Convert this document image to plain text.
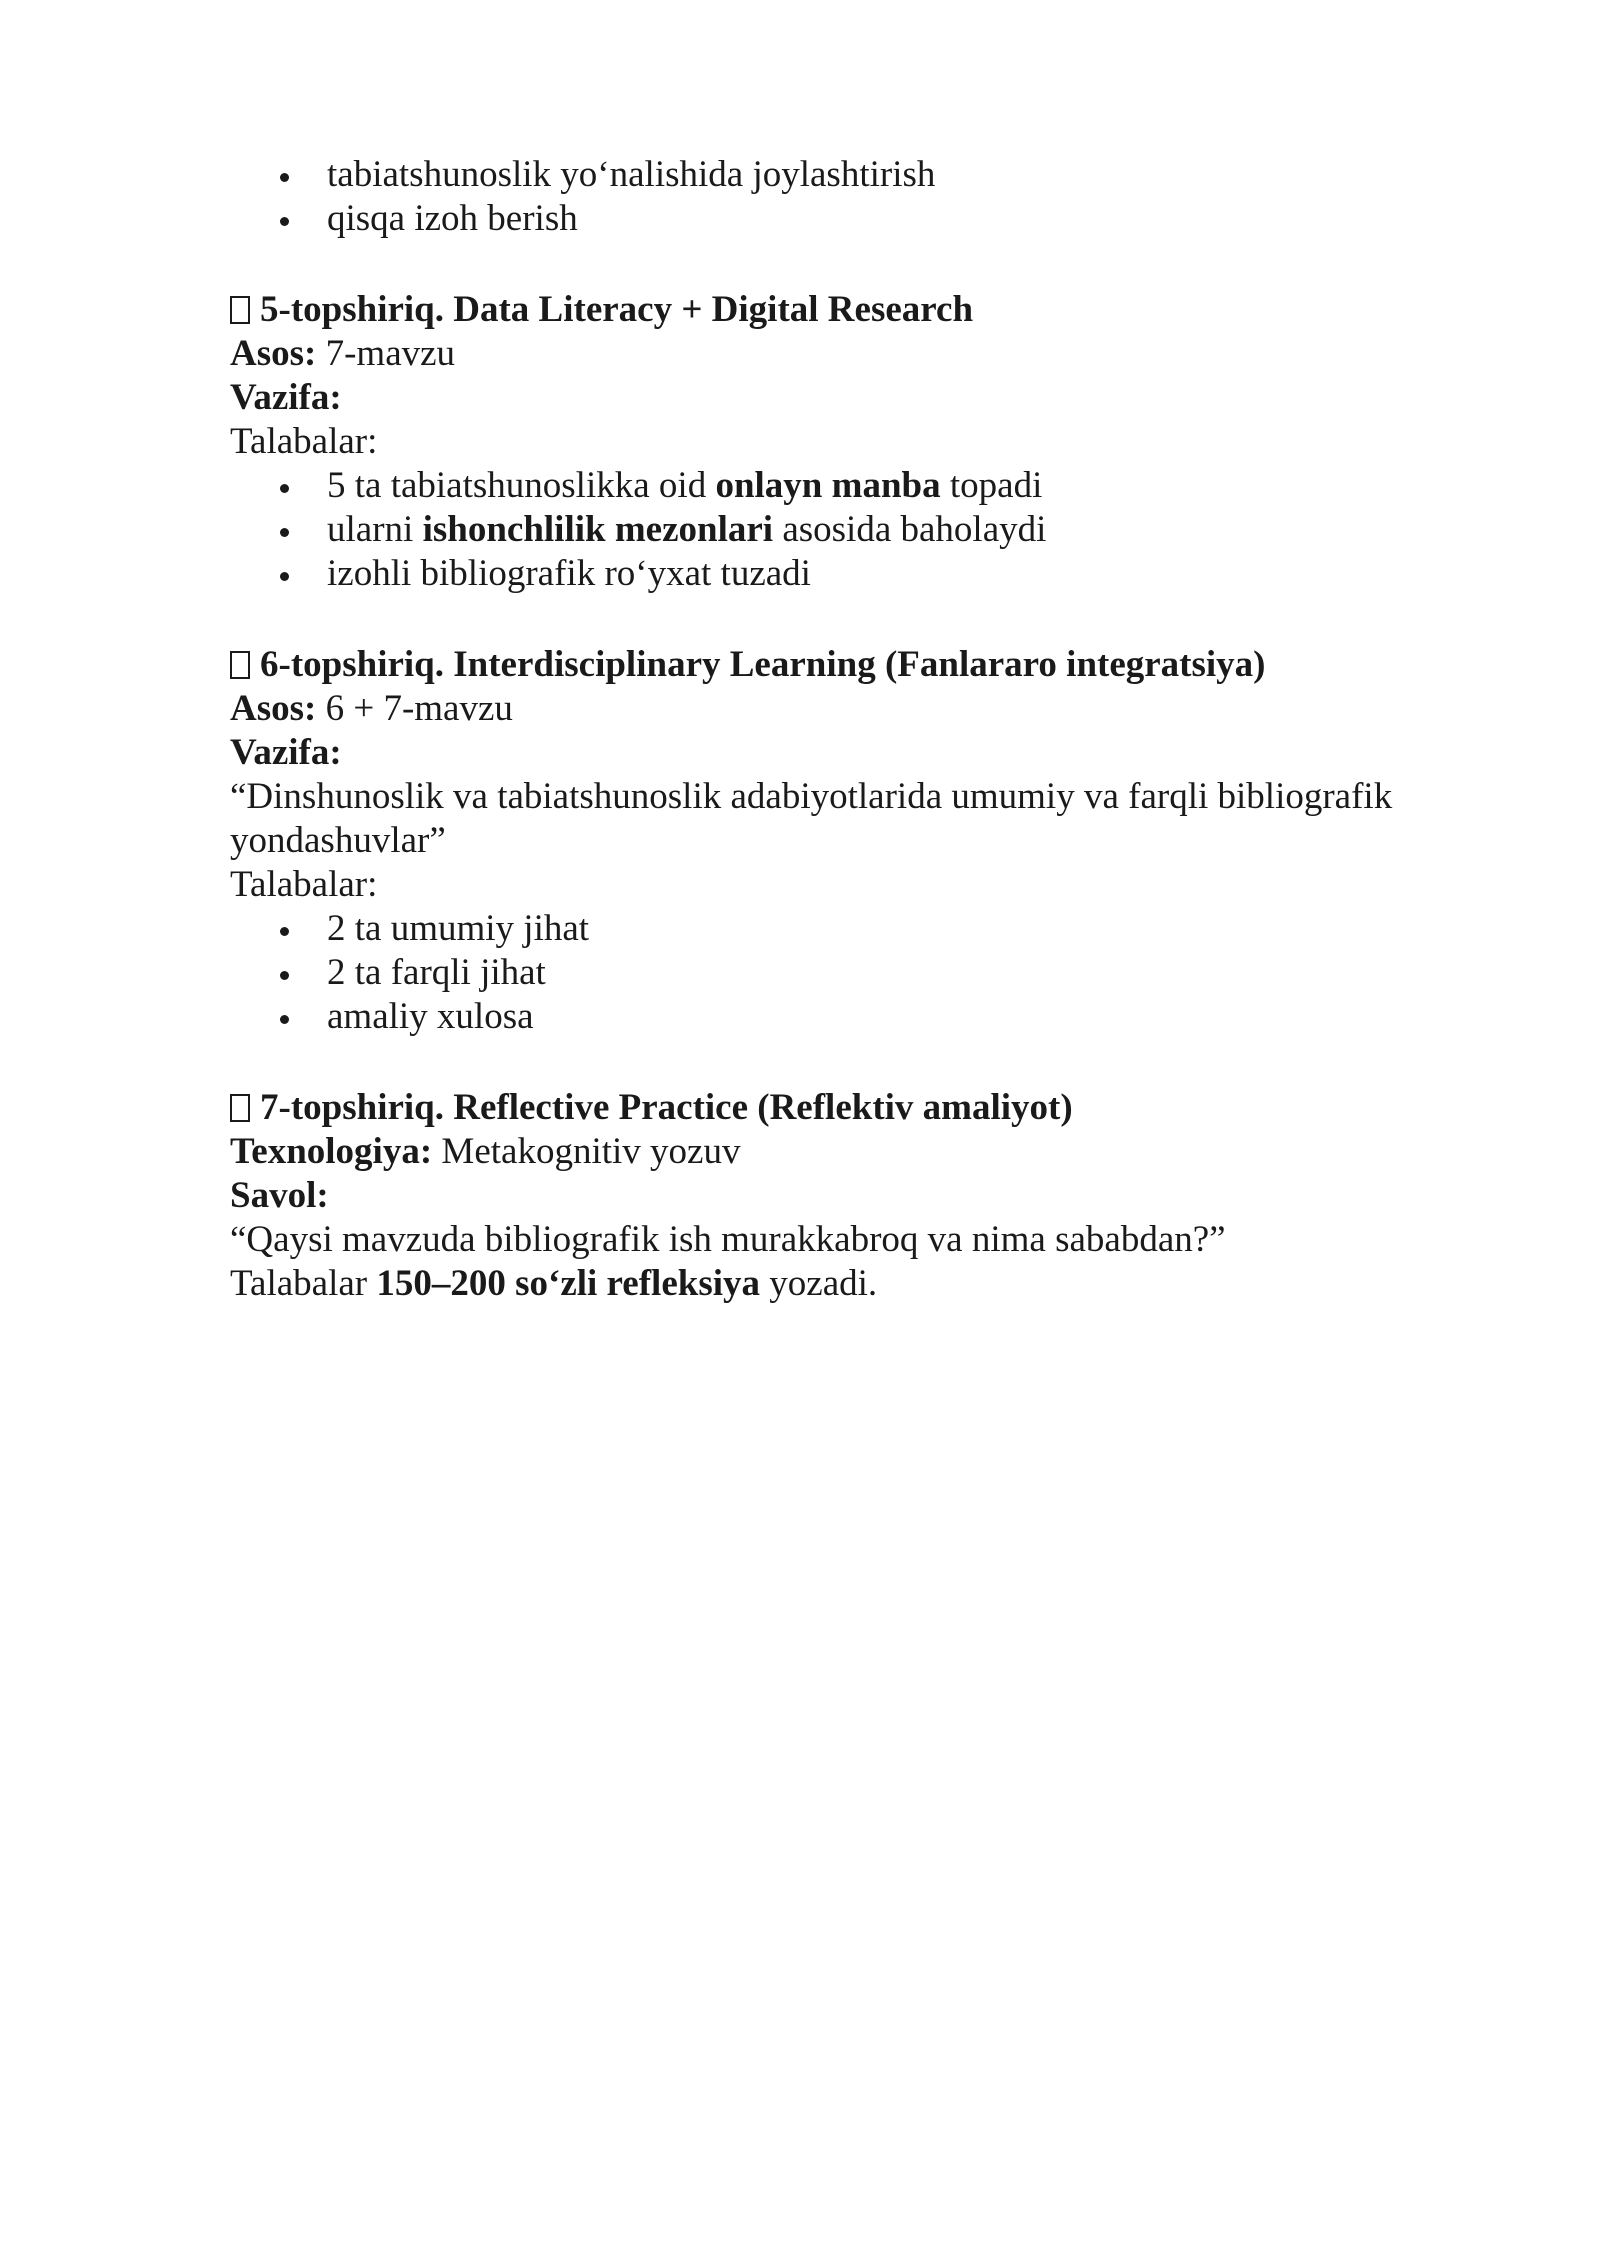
tabiatshunoslik yo‘nalishida joylashtirish
qisqa izoh berish
5-topshiriq. Data Literacy + Digital Research
Asos: 7-mavzu
Vazifa:
Talabalar:
5 ta tabiatshunoslikka oid onlayn manba topadi
ularni ishonchlilik mezonlari asosida baholaydi
izohli bibliografik ro‘yxat tuzadi
6-topshiriq. Interdisciplinary Learning (Fanlararo integratsiya)
Asos: 6 + 7-mavzu
Vazifa:
“Dinshunoslik va tabiatshunoslik adabiyotlarida umumiy va farqli bibliografik yondashuvlar”
Talabalar:
2 ta umumiy jihat
2 ta farqli jihat
amaliy xulosa
7-topshiriq. Reflective Practice (Reflektiv amaliyot)
Texnologiya: Metakognitiv yozuv
Savol:
“Qaysi mavzuda bibliografik ish murakkabroq va nima sababdan?”
Talabalar 150–200 so‘zli refleksiya yozadi.
